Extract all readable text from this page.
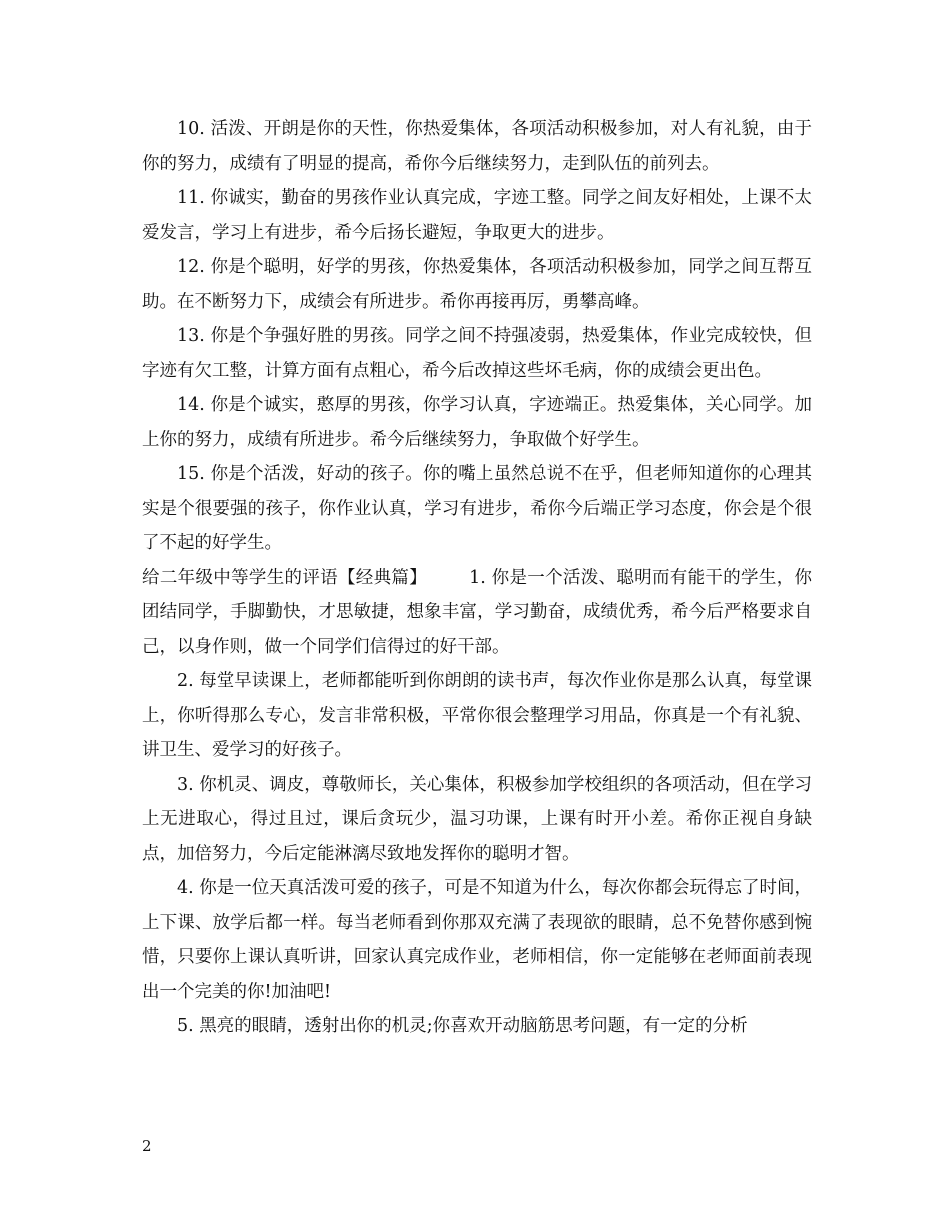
10. 活泼、开朗是你的天性，你热爱集体，各项活动积极参加，对人有礼貌，由于你的努力，成绩有了明显的提高，希你今后继续努力，走到队伍的前列去。

11. 你诚实，勤奋的男孩作业认真完成，字迹工整。同学之间友好相处，上课不太爱发言，学习上有进步，希今后扬长避短，争取更大的进步。

12. 你是个聪明，好学的男孩，你热爱集体，各项活动积极参加，同学之间互帮互助。在不断努力下，成绩会有所进步。希你再接再厉，勇攀高峰。

13. 你是个争强好胜的男孩。同学之间不持强凌弱，热爱集体，作业完成较快，但字迹有欠工整，计算方面有点粗心，希今后改掉这些坏毛病，你的成绩会更出色。

14. 你是个诚实，憨厚的男孩，你学习认真，字迹端正。热爱集体，关心同学。加上你的努力，成绩有所进步。希今后继续努力，争取做个好学生。

15. 你是个活泼，好动的孩子。你的嘴上虽然总说不在乎，但老师知道你的心理其实是个很要强的孩子，你作业认真，学习有进步，希你今后端正学习态度，你会是个很了不起的好学生。

给二年级中等学生的评语【经典篇】 1. 你是一个活泼、聪明而有能干的学生，你团结同学，手脚勤快，才思敏捷，想象丰富，学习勤奋，成绩优秀，希今后严格要求自己，以身作则，做一个同学们信得过的好干部。

2. 每堂早读课上，老师都能听到你朗朗的读书声，每次作业你是那么认真，每堂课上，你听得那么专心，发言非常积极，平常你很会整理学习用品，你真是一个有礼貌、讲卫生、爱学习的好孩子。

3. 你机灵、调皮，尊敬师长，关心集体，积极参加学校组织的各项活动，但在学习上无进取心，得过且过，课后贪玩少，温习功课，上课有时开小差。希你正视自身缺点，加倍努力，今后定能淋漓尽致地发挥你的聪明才智。

4. 你是一位天真活泼可爱的孩子，可是不知道为什么，每次你都会玩得忘了时间，上下课、放学后都一样。每当老师看到你那双充满了表现欲的眼睛，总不免替你感到惋惜，只要你上课认真听讲，回家认真完成作业，老师相信，你一定能够在老师面前表现出一个完美的你!加油吧!

5. 黑亮的眼睛，透射出你的机灵;你喜欢开动脑筋思考问题，有一定的分析

2
